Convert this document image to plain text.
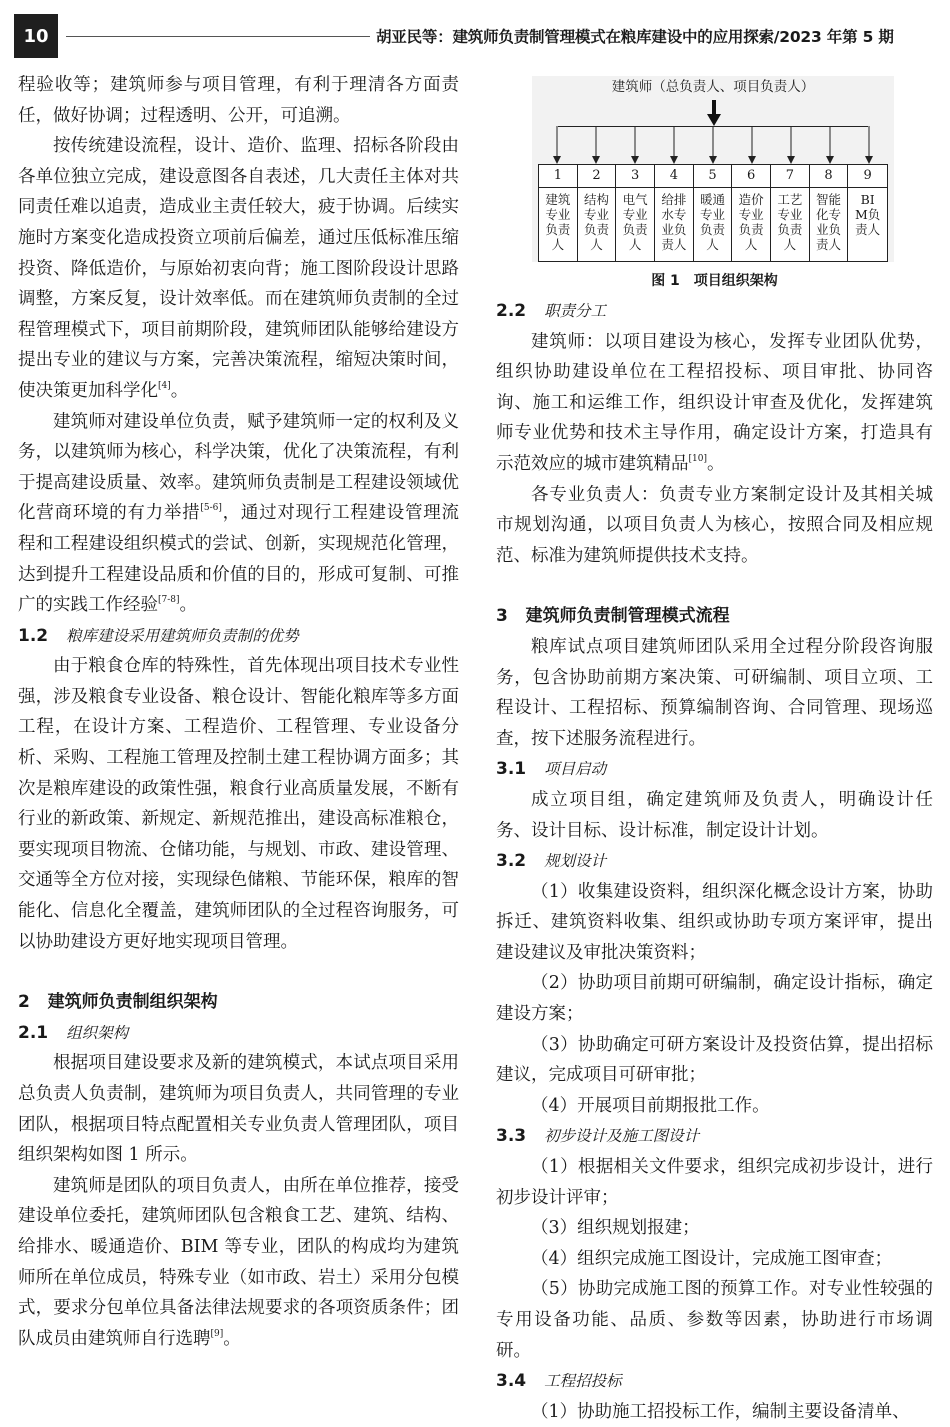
10	胡亚民等：建筑师负责制管理模式在粮库建设中的应用探索/2023 年第 5 期

程验收等；建筑师参与项目管理，有利于理清各方面责任，做好协调；过程透明、公开，可追溯。

按传统建设流程，设计、造价、监理、招标各阶段由各单位独立完成，建设意图各自表述，几大责任主体对共同责任难以追责，造成业主责任较大，疲于协调。后续实施时方案变化造成投资立项前后偏差，通过压低标准压缩投资、降低造价，与原始初衷向背；施工图阶段设计思路调整，方案反复，设计效率低。而在建筑师负责制的全过程管理模式下，项目前期阶段，建筑师团队能够给建设方提出专业的建议与方案，完善决策流程，缩短决策时间，使决策更加科学化[4]。

建筑师对建设单位负责，赋予建筑师一定的权利及义务，以建筑师为核心，科学决策，优化了决策流程，有利于提高建设质量、效率。建筑师负责制是工程建设领域优化营商环境的有力举措[5-6]，通过对现行工程建设管理流程和工程建设组织模式的尝试、创新，实现规范化管理，达到提升工程建设品质和价值的目的，形成可复制、可推广的实践工作经验[7-8]。

1.2 粮库建设采用建筑师负责制的优势

由于粮食仓库的特殊性，首先体现出项目技术专业性强，涉及粮食专业设备、粮仓设计、智能化粮库等多方面工程，在设计方案、工程造价、工程管理、专业设备分析、采购、工程施工管理及控制土建工程协调方面多；其次是粮库建设的政策性强，粮食行业高质量发展，不断有行业的新政策、新规定、新规范推出，建设高标准粮仓，要实现项目物流、仓储功能，与规划、市政、建设管理、交通等全方位对接，实现绿色储粮、节能环保，粮库的智能化、信息化全覆盖，建筑师团队的全过程咨询服务，可以协助建设方更好地实现项目管理。

2 建筑师负责制组织架构
2.1 组织架构

根据项目建设要求及新的建筑模式，本试点项目采用总负责人负责制，建筑师为项目负责人，共同管理的专业团队，根据项目特点配置相关专业负责人管理团队，项目组织架构如图 1 所示。

建筑师是团队的项目负责人，由所在单位推荐，接受建设单位委托，建筑师团队包含粮食工艺、建筑、结构、给排水、暖通造价、BIM 等专业，团队的构成均为建筑师所在单位成员，特殊专业（如市政、岩土）采用分包模式，要求分包单位具备法律法规要求的各项资质条件；团队成员由建筑师自行选聘[9]。

建筑师（总负责人、项目负责人）
1
建筑专业负责人
2
结构专业负责人
3
电气专业负责人
4
给排水专业负责人
5
暖通专业负责人
6
造价专业负责人
7
工艺专业负责人
8
智能化专业负责人
9
BIM负责人
图 1　项目组织架构
2.2 职责分工

建筑师：以项目建设为核心，发挥专业团队优势，组织协助建设单位在工程招投标、项目审批、协同咨询、施工和运维工作，组织设计审查及优化，发挥建筑师专业优势和技术主导作用，确定设计方案，打造具有示范效应的城市建筑精品[10]。

各专业负责人：负责专业方案制定设计及其相关城市规划沟通，以项目负责人为核心，按照合同及相应规范、标准为建筑师提供技术支持。

3 建筑师负责制管理模式流程

粮库试点项目建筑师团队采用全过程分阶段咨询服务，包含协助前期方案决策、可研编制、项目立项、工程设计、工程招标、预算编制咨询、合同管理、现场巡查，按下述服务流程进行。

3.1 项目启动

成立项目组，确定建筑师及负责人，明确设计任务、设计目标、设计标准，制定设计计划。

3.2 规划设计

（1）收集建设资料，组织深化概念设计方案，协助拆迁、建筑资料收集、组织或协助专项方案评审，提出建设建议及审批决策资料；

（2）协助项目前期可研编制，确定设计指标，确定建设方案；

（3）协助确定可研方案设计及投资估算，提出招标建议，完成项目可研审批；

（4）开展项目前期报批工作。

3.3 初步设计及施工图设计

（1）根据相关文件要求，组织完成初步设计，进行初步设计评审；

（3）组织规划报建；

（4）组织完成施工图设计，完成施工图审查；

（5）协助完成施工图的预算工作。对专业性较强的专用设备功能、品质、参数等因素，协助进行市场调研。

3.4 工程招投标

（1）协助施工招投标工作，编制主要设备清单、
